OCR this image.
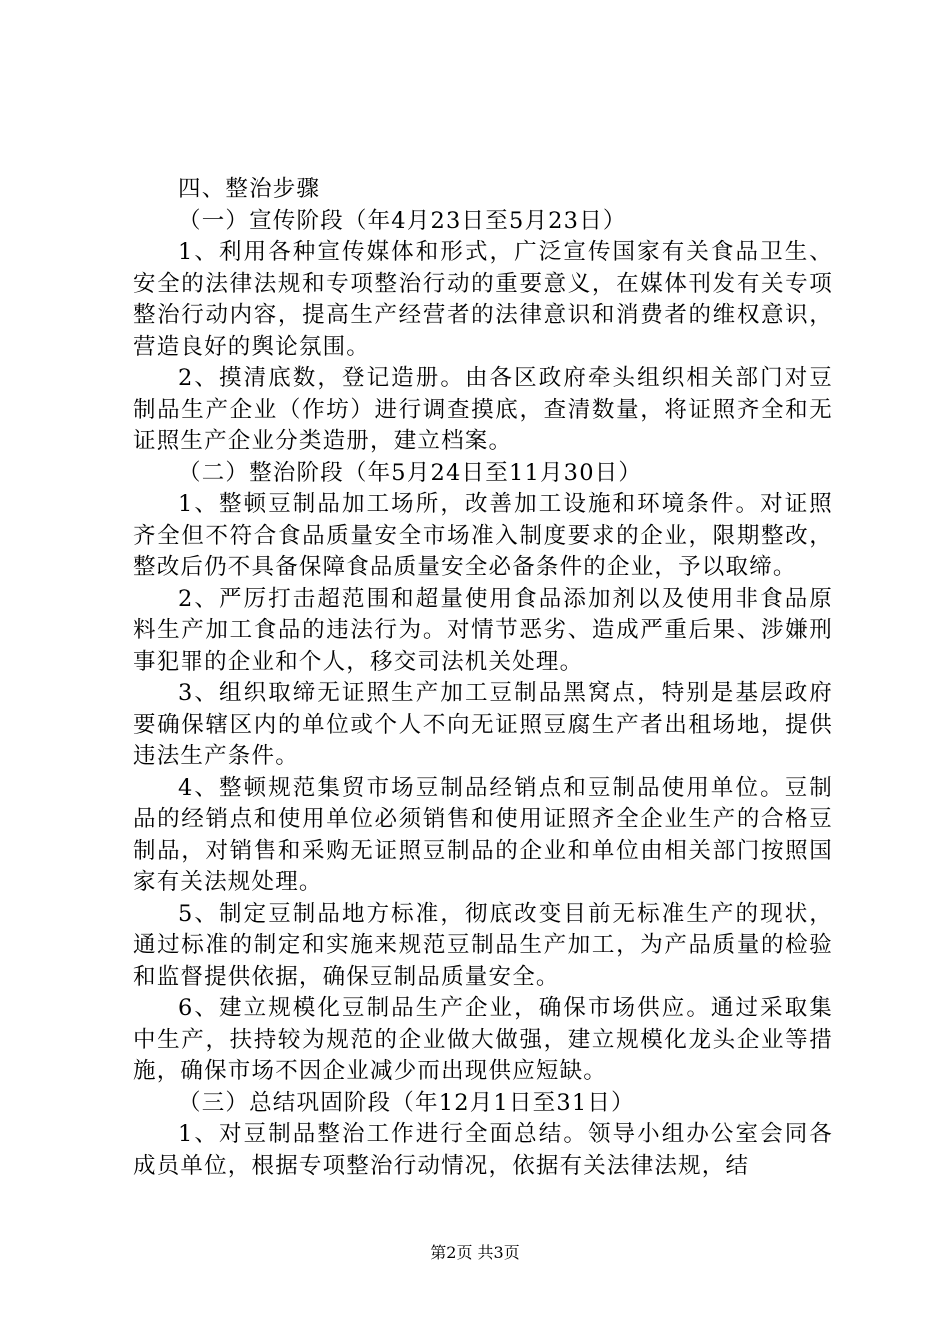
四、整治步骤

（一）宣传阶段（年4月23日至5月23日）

1、利用各种宣传媒体和形式，广泛宣传国家有关食品卫生、安全的法律法规和专项整治行动的重要意义，在媒体刊发有关专项整治行动内容，提高生产经营者的法律意识和消费者的维权意识，营造良好的舆论氛围。

2、摸清底数，登记造册。由各区政府牵头组织相关部门对豆制品生产企业（作坊）进行调查摸底，查清数量，将证照齐全和无证照生产企业分类造册，建立档案。

（二）整治阶段（年5月24日至11月30日）

1、整顿豆制品加工场所，改善加工设施和环境条件。对证照齐全但不符合食品质量安全市场准入制度要求的企业，限期整改，整改后仍不具备保障食品质量安全必备条件的企业，予以取缔。

2、严厉打击超范围和超量使用食品添加剂以及使用非食品原料生产加工食品的违法行为。对情节恶劣、造成严重后果、涉嫌刑事犯罪的企业和个人，移交司法机关处理。

3、组织取缔无证照生产加工豆制品黑窝点，特别是基层政府要确保辖区内的单位或个人不向无证照豆腐生产者出租场地，提供违法生产条件。

4、整顿规范集贸市场豆制品经销点和豆制品使用单位。豆制品的经销点和使用单位必须销售和使用证照齐全企业生产的合格豆制品，对销售和采购无证照豆制品的企业和单位由相关部门按照国家有关法规处理。

5、制定豆制品地方标准，彻底改变目前无标准生产的现状，通过标准的制定和实施来规范豆制品生产加工，为产品质量的检验和监督提供依据，确保豆制品质量安全。

6、建立规模化豆制品生产企业，确保市场供应。通过采取集中生产，扶持较为规范的企业做大做强，建立规模化龙头企业等措施，确保市场不因企业减少而出现供应短缺。

（三）总结巩固阶段（年12月1日至31日）

1、对豆制品整治工作进行全面总结。领导小组办公室会同各成员单位，根据专项整治行动情况，依据有关法律法规，结

第2页 共3页
